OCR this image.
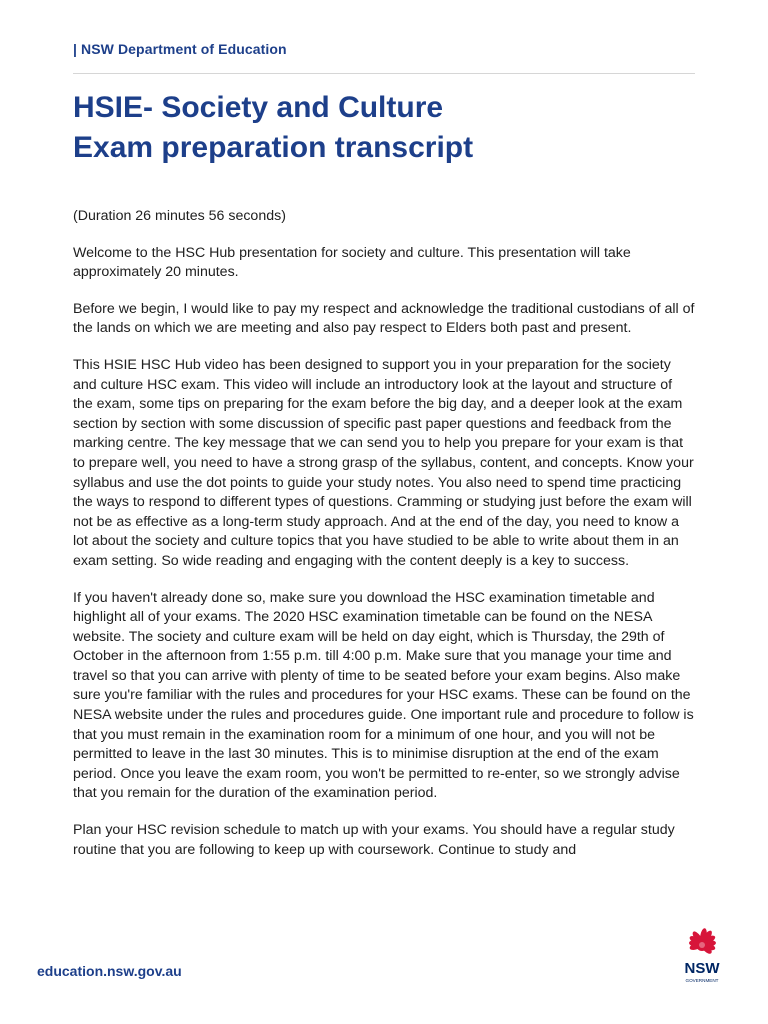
| NSW Department of Education
HSIE- Society and Culture
Exam preparation transcript

(Duration 26 minutes 56 seconds)

Welcome to the HSC Hub presentation for society and culture. This presentation will take approximately 20 minutes.

Before we begin, I would like to pay my respect and acknowledge the traditional custodians of all of the lands on which we are meeting and also pay respect to Elders both past and present.

This HSIE HSC Hub video has been designed to support you in your preparation for the society and culture HSC exam. This video will include an introductory look at the layout and structure of the exam, some tips on preparing for the exam before the big day, and a deeper look at the exam section by section with some discussion of specific past paper questions and feedback from the marking centre. The key message that we can send you to help you prepare for your exam is that to prepare well, you need to have a strong grasp of the syllabus, content, and concepts. Know your syllabus and use the dot points to guide your study notes. You also need to spend time practicing the ways to respond to different types of questions. Cramming or studying just before the exam will not be as effective as a long-term study approach. And at the end of the day, you need to know a lot about the society and culture topics that you have studied to be able to write about them in an exam setting. So wide reading and engaging with the content deeply is a key to success.

If you haven't already done so, make sure you download the HSC examination timetable and highlight all of your exams. The 2020 HSC examination timetable can be found on the NESA website. The society and culture exam will be held on day eight, which is Thursday, the 29th of October in the afternoon from 1:55 p.m. till 4:00 p.m. Make sure that you manage your time and travel so that you can arrive with plenty of time to be seated before your exam begins. Also make sure you're familiar with the rules and procedures for your HSC exams. These can be found on the NESA website under the rules and procedures guide. One important rule and procedure to follow is that you must remain in the examination room for a minimum of one hour, and you will not be permitted to leave in the last 30 minutes. This is to minimise disruption at the end of the exam period. Once you leave the exam room, you won't be permitted to re-enter, so we strongly advise that you remain for the duration of the examination period.

Plan your HSC revision schedule to match up with your exams. You should have a regular study routine that you are following to keep up with coursework. Continue to study and

education.nsw.gov.au	NSW
GOVERNMENT
